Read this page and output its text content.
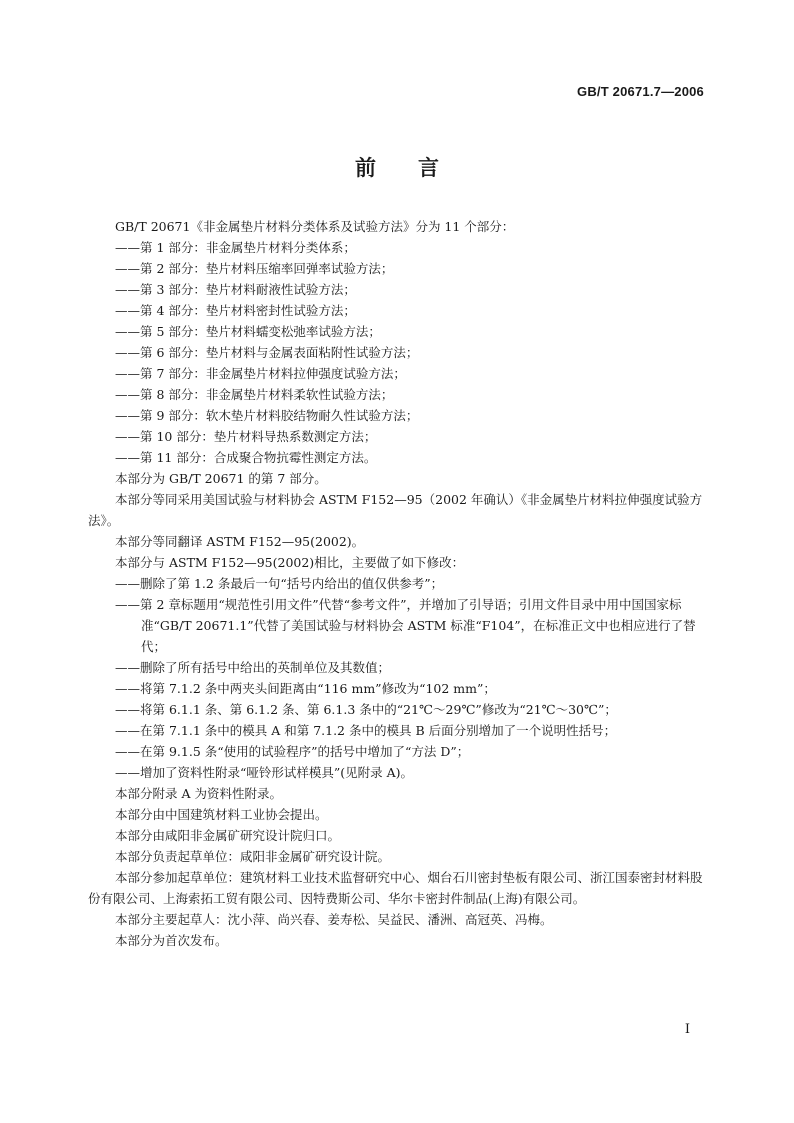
GB/T 20671.7—2006
前 言

GB/T 20671《非金属垫片材料分类体系及试验方法》分为 11 个部分：

——第 1 部分：非金属垫片材料分类体系；

——第 2 部分：垫片材料压缩率回弹率试验方法；

——第 3 部分：垫片材料耐液性试验方法；

——第 4 部分：垫片材料密封性试验方法；

——第 5 部分：垫片材料蠕变松弛率试验方法；

——第 6 部分：垫片材料与金属表面粘附性试验方法；

——第 7 部分：非金属垫片材料拉伸强度试验方法；

——第 8 部分：非金属垫片材料柔软性试验方法；

——第 9 部分：软木垫片材料胶结物耐久性试验方法；

——第 10 部分：垫片材料导热系数测定方法；

——第 11 部分：合成聚合物抗霉性测定方法。

本部分为 GB/T 20671 的第 7 部分。

本部分等同采用美国试验与材料协会 ASTM F152—95（2002 年确认）《非金属垫片材料拉伸强度试验方法》。

本部分等同翻译 ASTM F152—95(2002)。

本部分与 ASTM F152—95(2002)相比，主要做了如下修改：

——删除了第 1.2 条最后一句“括号内给出的值仅供参考”；

——第 2 章标题用“规范性引用文件”代替“参考文件”，并增加了引导语；引用文件目录中用中国国家标准“GB/T 20671.1”代替了美国试验与材料协会 ASTM 标准“F104”，在标准正文中也相应进行了替代；

——删除了所有括号中给出的英制单位及其数值；

——将第 7.1.2 条中两夹头间距离由“116 mm”修改为“102 mm”；

——将第 6.1.1 条、第 6.1.2 条、第 6.1.3 条中的“21℃～29℃”修改为“21℃～30℃”；

——在第 7.1.1 条中的模具 A 和第 7.1.2 条中的模具 B 后面分别增加了一个说明性括号；

——在第 9.1.5 条“使用的试验程序”的括号中增加了“方法 D”；

——增加了资料性附录“哑铃形试样模具”(见附录 A)。

本部分附录 A 为资料性附录。

本部分由中国建筑材料工业协会提出。

本部分由咸阳非金属矿研究设计院归口。

本部分负责起草单位：咸阳非金属矿研究设计院。

本部分参加起草单位：建筑材料工业技术监督研究中心、烟台石川密封垫板有限公司、浙江国泰密封材料股份有限公司、上海索拓工贸有限公司、因特费斯公司、华尔卡密封件制品(上海)有限公司。

本部分主要起草人：沈小萍、尚兴春、姜寿松、吴益民、潘洲、高冠英、冯梅。

本部分为首次发布。

I
